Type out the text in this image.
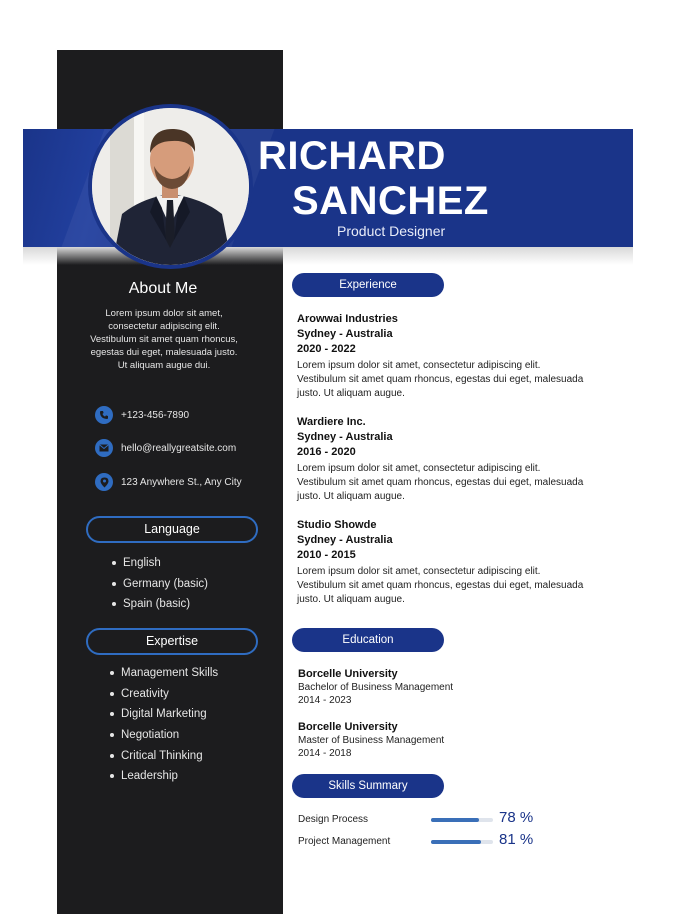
RICHARD
SANCHEZ
Product Designer
About Me
Lorem ipsum dolor sit amet, consectetur adipiscing elit. Vestibulum sit amet quam rhoncus, egestas dui eget, malesuada justo. Ut aliquam augue dui.
+123-456-7890
hello@reallygreatsite.com
123 Anywhere St., Any City
Language
English
Germany (basic)
Spain (basic)
Expertise
Management Skills
Creativity
Digital Marketing
Negotiation
Critical Thinking
Leadership
Experience
Arowwai Industries
Sydney - Australia
2020 - 2022
Lorem ipsum dolor sit amet, consectetur adipiscing elit. Vestibulum sit amet quam rhoncus, egestas dui eget, malesuada justo. Ut aliquam augue.
Wardiere Inc.
Sydney - Australia
2016 - 2020
Lorem ipsum dolor sit amet, consectetur adipiscing elit. Vestibulum sit amet quam rhoncus, egestas dui eget, malesuada justo. Ut aliquam augue.
Studio Showde
Sydney - Australia
2010 - 2015
Lorem ipsum dolor sit amet, consectetur adipiscing elit. Vestibulum sit amet quam rhoncus, egestas dui eget, malesuada justo. Ut aliquam augue.
Education
Borcelle University
Bachelor of Business Management
2014 - 2023
Borcelle University
Master of Business Management
2014 - 2018
Skills Summary
Design Process	78 %
Project Management	81 %
